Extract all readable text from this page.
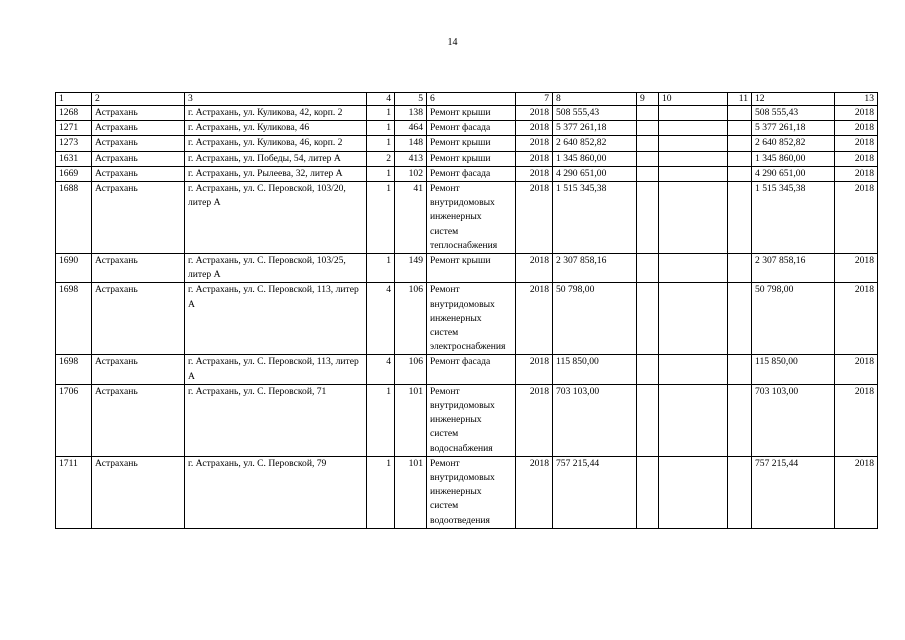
14
1	2	3	4	5	6	7	8	9	10	11	12	13
1268	Астрахань	г. Астрахань, ул. Куликова, 42, корп. 2	1	138	Ремонт крыши	2018	508 555,43				508 555,43	2018
1271	Астрахань	г. Астрахань, ул. Куликова, 46	1	464	Ремонт фасада	2018	5 377 261,18				5 377 261,18	2018
1273	Астрахань	г. Астрахань, ул. Куликова, 46, корп. 2	1	148	Ремонт крыши	2018	2 640 852,82				2 640 852,82	2018
1631	Астрахань	г. Астрахань, ул. Победы, 54, литер А	2	413	Ремонт крыши	2018	1 345 860,00				1 345 860,00	2018
1669	Астрахань	г. Астрахань, ул. Рылеева, 32, литер А	1	102	Ремонт фасада	2018	4 290 651,00				4 290 651,00	2018
1688	Астрахань	г. Астрахань, ул. С. Перовской, 103/20, литер А	1	41	Ремонт внутридомовых инженерных систем теплоснабжения	2018	1 515 345,38				1 515 345,38	2018
1690	Астрахань	г. Астрахань, ул. С. Перовской, 103/25, литер А	1	149	Ремонт крыши	2018	2 307 858,16				2 307 858,16	2018
1698	Астрахань	г. Астрахань, ул. С. Перовской, 113, литер А	4	106	Ремонт внутридомовых инженерных систем электроснабжения	2018	50 798,00				50 798,00	2018
1698	Астрахань	г. Астрахань, ул. С. Перовской, 113, литер А	4	106	Ремонт фасада	2018	115 850,00				115 850,00	2018
1706	Астрахань	г. Астрахань, ул. С. Перовской, 71	1	101	Ремонт внутридомовых инженерных систем водоснабжения	2018	703 103,00				703 103,00	2018
1711	Астрахань	г. Астрахань, ул. С. Перовской, 79	1	101	Ремонт внутридомовых инженерных систем водоотведения	2018	757 215,44				757 215,44	2018
